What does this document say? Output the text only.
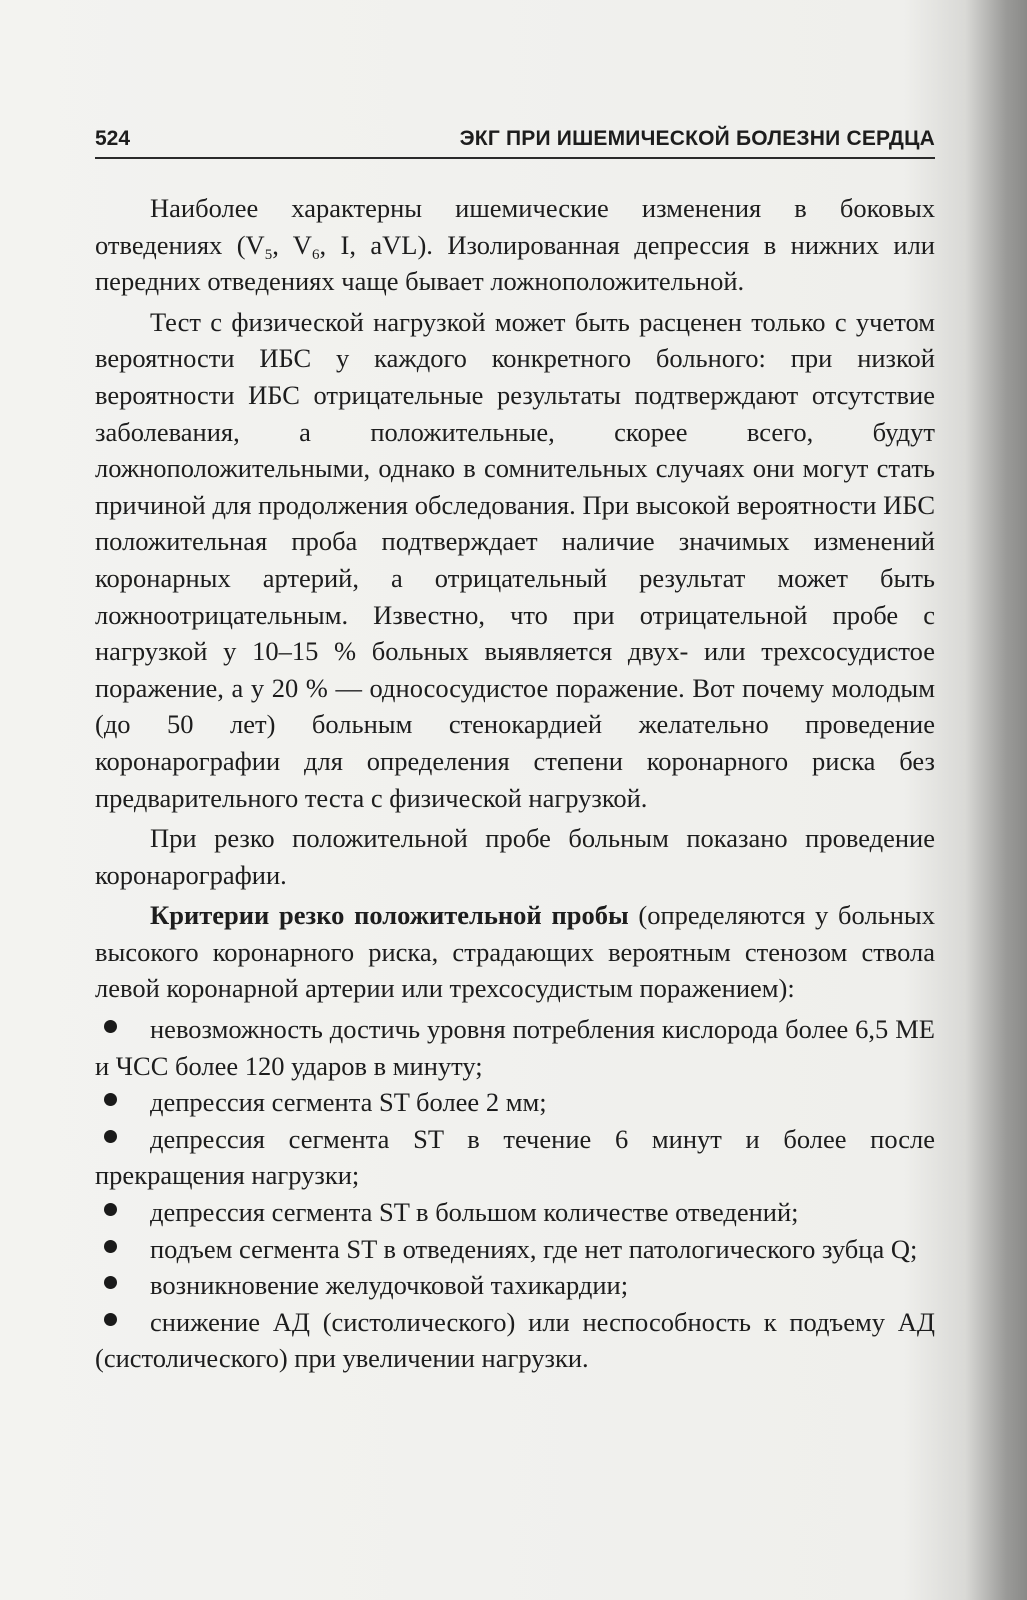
524	ЭКГ ПРИ ИШЕМИЧЕСКОЙ БОЛЕЗНИ СЕРДЦА

Наиболее характерны ишемические изменения в боковых отведениях ($V_5$, $V_6$, I, aVL). Изолированная депрессия в нижних или передних отведениях чаще бывает ложноположительной.

Тест с физической нагрузкой может быть расценен только с учетом вероятности ИБС у каждого конкретного больного: при низкой вероятности ИБС отрицательные результаты подтверждают отсутствие заболевания, а положительные, скорее всего, будут ложноположительными, однако в сомнительных случаях они могут стать причиной для продолжения обследования. При высокой вероятности ИБС положительная проба подтверждает наличие значимых изменений коронарных артерий, а отрицательный результат может быть ложноотрицательным. Известно, что при отрицательной пробе с нагрузкой у 10–15 % больных выявляется двух- или трехсосудистое поражение, а у 20 % — однососудистое поражение. Вот почему молодым (до 50 лет) больным стенокардией желательно проведение коронарографии для определения степени коронарного риска без предварительного теста с физической нагрузкой.

При резко положительной пробе больным показано проведение коронарографии.

Критерии резко положительной пробы (определяются у больных высокого коронарного риска, страдающих вероятным стенозом ствола левой коронарной артерии или трехсосудистым поражением):

невозможность достичь уровня потребления кислорода более 6,5 МЕ и ЧСС более 120 ударов в минуту;
депрессия сегмента ST более 2 мм;
депрессия сегмента ST в течение 6 минут и более после прекращения нагрузки;
депрессия сегмента ST в большом количестве отведений;
подъем сегмента ST в отведениях, где нет патологического зубца Q;
возникновение желудочковой тахикардии;
снижение АД (систолического) или неспособность к подъему АД (систолического) при увеличении нагрузки.
